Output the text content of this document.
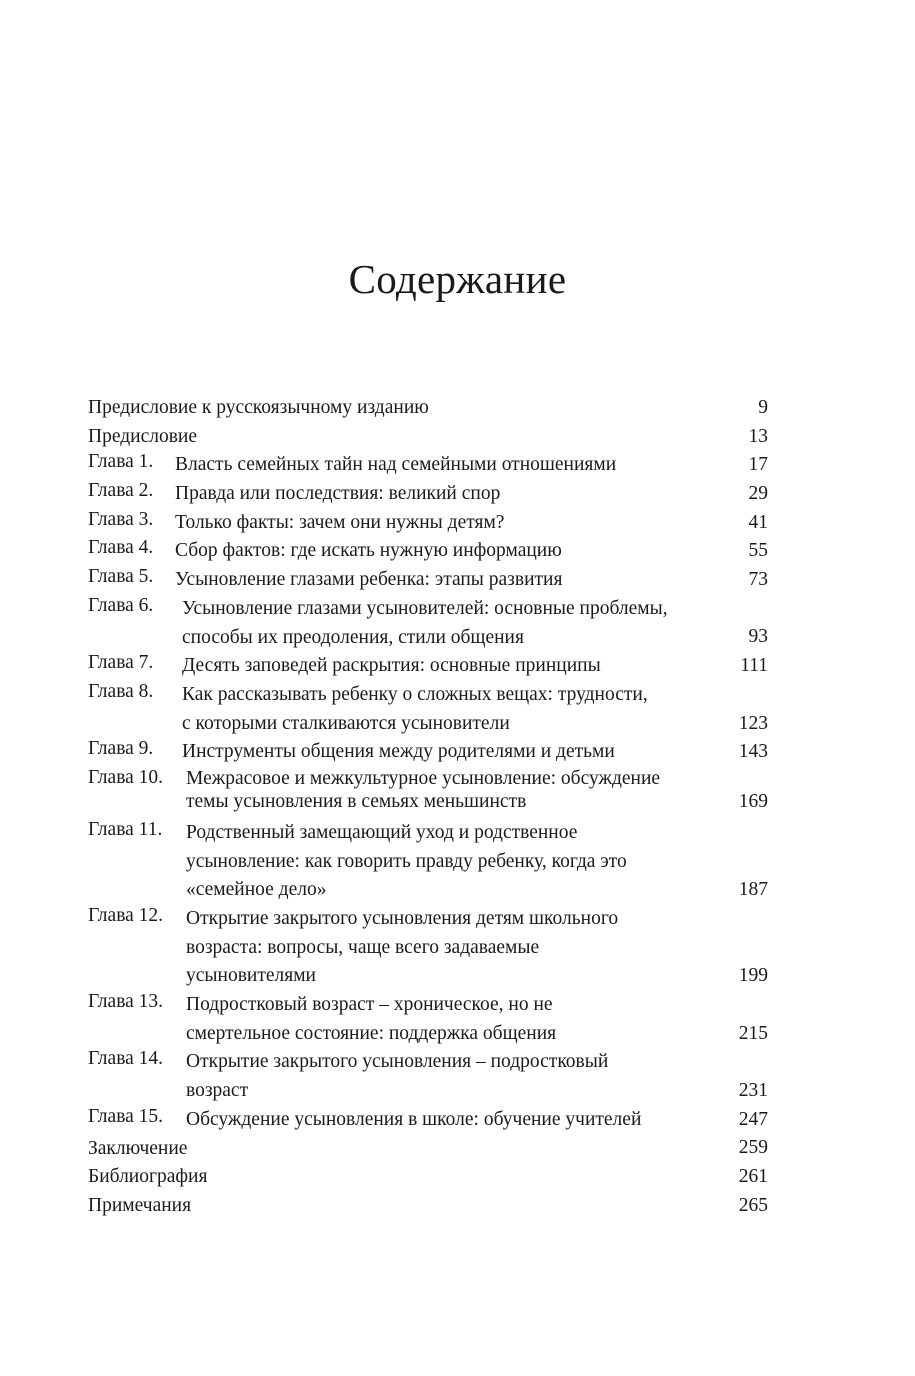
Содержание
Предисловие к русскоязычному изданию	9
Предисловие	13
Глава 1.	Власть семейных тайн над семейными отношениями	17
Глава 2.	Правда или последствия: великий спор	29
Глава 3.	Только факты: зачем они нужны детям?	41
Глава 4.	Сбор фактов: где искать нужную информацию	55
Глава 5.	Усыновление глазами ребенка: этапы развития	73
Глава 6.	Усыновление глазами усыновителей: основные проблемы,
способы их преодоления, стили общения	93
Глава 7.	Десять заповедей раскрытия: основные принципы	111
Глава 8.	Как рассказывать ребенку о сложных вещах: трудности,
с которыми сталкиваются усыновители	123
Глава 9.	Инструменты общения между родителями и детьми	143
Глава 10.	Межрасовое и межкультурное усыновление: обсуждение
темы усыновления в семьях меньшинств	169
Глава 11.	Родственный замещающий уход и родственное
усыновление: как говорить правду ребенку, когда это
«семейное дело»	187
Глава 12.	Открытие закрытого усыновления детям школьного
возраста: вопросы, чаще всего задаваемые
усыновителями	199
Глава 13.	Подростковый возраст – хроническое, но не
смертельное состояние: поддержка общения	215
Глава 14.	Открытие закрытого усыновления – подростковый
возраст	231
Глава 15.	Обсуждение усыновления в школе: обучение учителей	247
Заключение	259
Библиография	261
Примечания	265
